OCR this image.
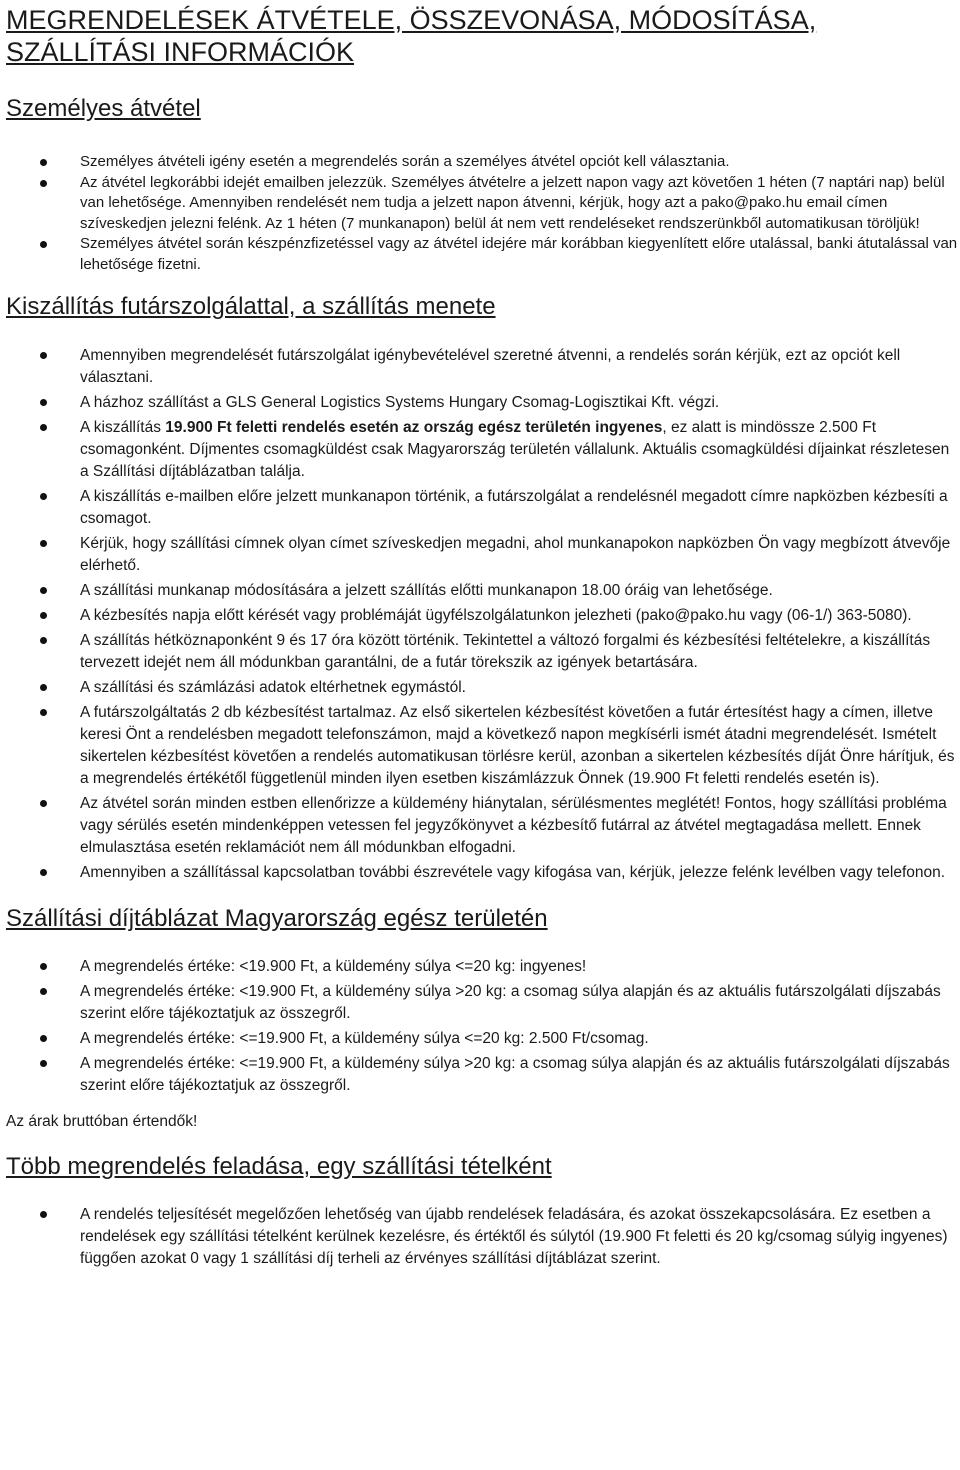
MEGRENDELÉSEK ÁTVÉTELE, ÖSSZEVONÁSA, MÓDOSÍTÁSA, SZÁLLÍTÁSI INFORMÁCIÓK
Személyes átvétel
Személyes átvételi igény esetén a megrendelés során a személyes átvétel opciót kell választania.
Az átvétel legkorábbi idejét emailben jelezzük. Személyes átvételre a jelzett napon vagy azt követően 1 héten (7 naptári nap) belül van lehetősége. Amennyiben rendelését nem tudja a jelzett napon átvenni, kérjük, hogy azt a pako@pako.hu email címen szíveskedjen jelezni felénk. Az 1 héten (7 munkanapon) belül át nem vett rendeléseket rendszerünkből automatikusan töröljük!
Személyes átvétel során készpénzfizetéssel vagy az átvétel idejére már korábban kiegyenlített előre utalással, banki átutalással van lehetősége fizetni.
Kiszállítás futárszolgálattal, a szállítás menete
Amennyiben megrendelését futárszolgálat igénybevételével szeretné átvenni, a rendelés során kérjük, ezt az opciót kell választani.
A házhoz szállítást a GLS General Logistics Systems Hungary Csomag-Logisztikai Kft. végzi.
A kiszállítás 19.900 Ft feletti rendelés esetén az ország egész területén ingyenes, ez alatt is mindössze 2.500 Ft csomagonként. Díjmentes csomagküldést csak Magyarország területén vállalunk. Aktuális csomagküldési díjainkat részletesen a Szállítási díjtáblázatban találja.
A kiszállítás e-mailben előre jelzett munkanapon történik, a futárszolgálat a rendelésnél megadott címre napközben kézbesíti a csomagot.
Kérjük, hogy szállítási címnek olyan címet szíveskedjen megadni, ahol munkanapokon napközben Ön vagy megbízott átvevője elérhető.
A szállítási munkanap módosítására a jelzett szállítás előtti munkanapon 18.00 óráig van lehetősége.
A kézbesítés napja előtt kérését vagy problémáját ügyfélszolgálatunkon jelezheti (pako@pako.hu vagy (06-1/) 363-5080).
A szállítás hétköznaponként 9 és 17 óra között történik. Tekintettel a változó forgalmi és kézbesítési feltételekre, a kiszállítás tervezett idejét nem áll módunkban garantálni, de a futár törekszik az igények betartására.
A szállítási és számlázási adatok eltérhetnek egymástól.
A futárszolgáltatás 2 db kézbesítést tartalmaz. Az első sikertelen kézbesítést követően a futár értesítést hagy a címen, illetve keresi Önt a rendelésben megadott telefonszámon, majd a következő napon megkísérli ismét átadni megrendelését. Ismételt sikertelen kézbesítést követően a rendelés automatikusan törlésre kerül, azonban a sikertelen kézbesítés díját Önre hárítjuk, és a megrendelés értékétől függetlenül minden ilyen esetben kiszámlázzuk Önnek (19.900 Ft feletti rendelés esetén is).
Az átvétel során minden estben ellenőrizze a küldemény hiánytalan, sérülésmentes meglétét! Fontos, hogy szállítási probléma vagy sérülés esetén mindenképpen vetessen fel jegyzőkönyvet a kézbesítő futárral az átvétel megtagadása mellett. Ennek elmulasztása esetén reklamációt nem áll módunkban elfogadni.
Amennyiben a szállítással kapcsolatban további észrevétele vagy kifogása van, kérjük, jelezze felénk levélben vagy telefonon.
Szállítási díjtáblázat Magyarország egész területén
A megrendelés értéke: <19.900 Ft, a küldemény súlya <=20 kg: ingyenes!
A megrendelés értéke: <19.900 Ft, a küldemény súlya >20 kg: a csomag súlya alapján és az aktuális futárszolgálati díjszabás szerint előre tájékoztatjuk az összegről.
A megrendelés értéke: <=19.900 Ft, a küldemény súlya <=20 kg: 2.500 Ft/csomag.
A megrendelés értéke: <=19.900 Ft, a küldemény súlya >20 kg: a csomag súlya alapján és az aktuális futárszolgálati díjszabás szerint előre tájékoztatjuk az összegről.
Az árak bruttóban értendők!
Több megrendelés feladása, egy szállítási tételként
A rendelés teljesítését megelőzően lehetőség van újabb rendelések feladására, és azokat összekapcsolására. Ez esetben a rendelések egy szállítási tételként kerülnek kezelésre, és értéktől és súlytól (19.900 Ft feletti és 20 kg/csomag súlyig ingyenes) függően azokat 0 vagy 1 szállítási díj terheli az érvényes szállítási díjtáblázat szerint.
